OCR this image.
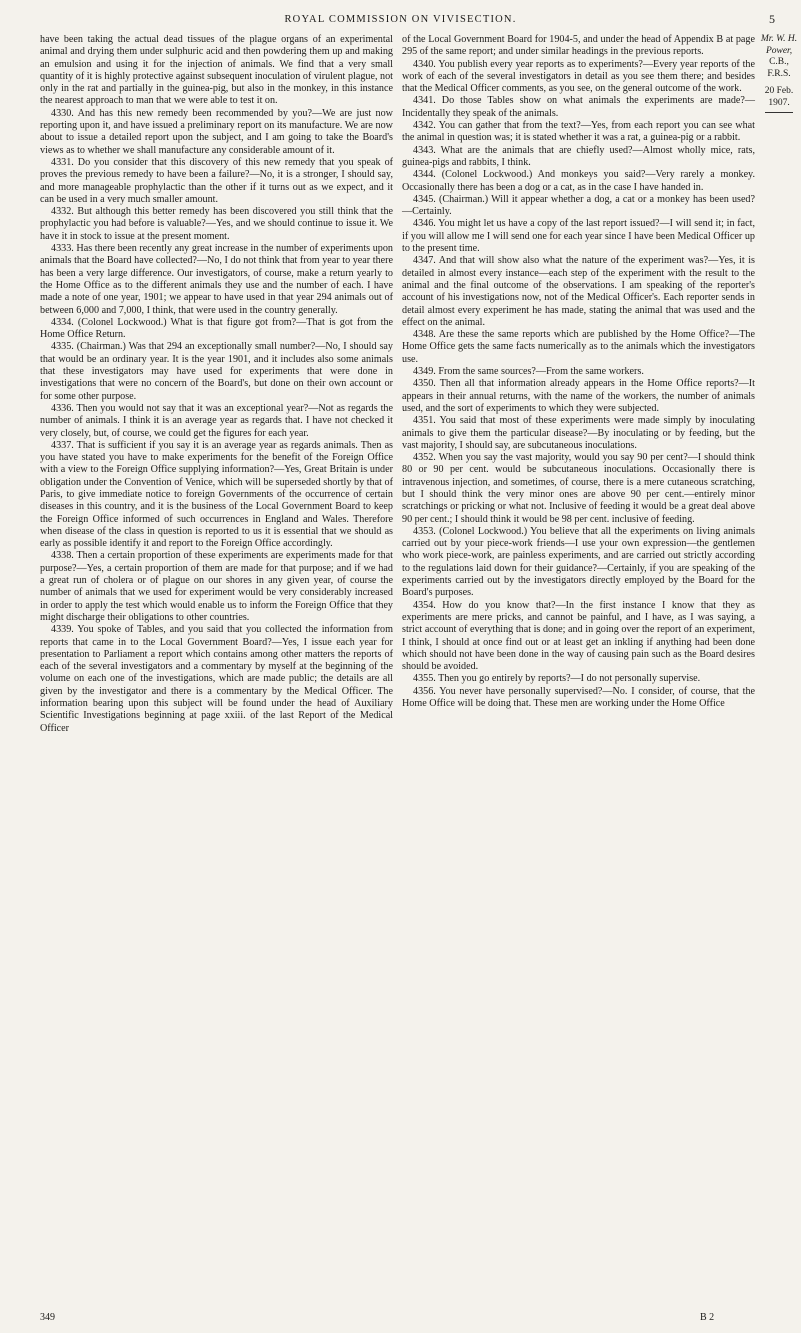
ROYAL COMMISSION ON VIVISECTION.	5

have been taking the actual dead tissues of the plague organs of an experimental animal and drying them under sulphuric acid and then powdering them up and making an emulsion and using it for the injection of animals. We find that a very small quantity of it is highly protective against subsequent inoculation of virulent plague, not only in the rat and partially in the guinea-pig, but also in the monkey, in this instance the nearest approach to man that we were able to test it on.

4330. And has this new remedy been recommended by you?—We are just now reporting upon it, and have issued a preliminary report on its manufacture. We are now about to issue a detailed report upon the subject, and I am going to take the Board's views as to whether we shall manufacture any considerable amount of it.

4331. Do you consider that this discovery of this new remedy that you speak of proves the previous remedy to have been a failure?—No, it is a stronger, I should say, and more manageable prophylactic than the other if it turns out as we expect, and it can be used in a very much smaller amount.

4332. But although this better remedy has been discovered you still think that the prophylactic you had before is valuable?—Yes, and we should continue to issue it. We have it in stock to issue at the present moment.

4333. Has there been recently any great increase in the number of experiments upon animals that the Board have collected?—No, I do not think that from year to year there has been a very large difference. Our investigators, of course, make a return yearly to the Home Office as to the different animals they use and the number of each. I have made a note of one year, 1901; we appear to have used in that year 294 animals out of between 6,000 and 7,000, I think, that were used in the country generally.

4334. (Colonel Lockwood.) What is that figure got from?—That is got from the Home Office Return.

4335. (Chairman.) Was that 294 an exceptionally small number?—No, I should say that would be an ordinary year. It is the year 1901, and it includes also some animals that these investigators may have used for experiments that were done in investigations that were no concern of the Board's, but done on their own account or for some other purpose.

4336. Then you would not say that it was an exceptional year?—Not as regards the number of animals. I think it is an average year as regards that. I have not checked it very closely, but, of course, we could get the figures for each year.

4337. That is sufficient if you say it is an average year as regards animals. Then as you have stated you have to make experiments for the benefit of the Foreign Office with a view to the Foreign Office supplying information?—Yes, Great Britain is under obligation under the Convention of Venice, which will be superseded shortly by that of Paris, to give immediate notice to foreign Governments of the occurrence of certain diseases in this country, and it is the business of the Local Government Board to keep the Foreign Office informed of such occurrences in England and Wales. Therefore when disease of the class in question is reported to us it is essential that we should as early as possible identify it and report to the Foreign Office accordingly.

4338. Then a certain proportion of these experiments are experiments made for that purpose?—Yes, a certain proportion of them are made for that purpose; and if we had a great run of cholera or of plague on our shores in any given year, of course the number of animals that we used for experiment would be very considerably increased in order to apply the test which would enable us to inform the Foreign Office that they might discharge their obligations to other countries.

4339. You spoke of Tables, and you said that you collected the information from reports that came in to the Local Government Board?—Yes, I issue each year for presentation to Parliament a report which contains among other matters the reports of each of the several investigators and a commentary by myself at the beginning of the volume on each one of the investigations, which are made public; the details are all given by the investigator and there is a commentary by the Medical Officer. The information bearing upon this subject will be found under the head of Auxiliary Scientific Investigations beginning at page xxiii. of the last Report of the Medical Officer

of the Local Government Board for 1904-5, and under the head of Appendix B at page 295 of the same report; and under similar headings in the previous reports.

4340. You publish every year reports as to experiments?—Every year reports of the work of each of the several investigators in detail as you see them there; and besides that the Medical Officer comments, as you see, on the general outcome of the work.

4341. Do those Tables show on what animals the experiments are made?—Incidentally they speak of the animals.

4342. You can gather that from the text?—Yes, from each report you can see what the animal in question was; it is stated whether it was a rat, a guinea-pig or a rabbit.

4343. What are the animals that are chiefly used?—Almost wholly mice, rats, guinea-pigs and rabbits, I think.

4344. (Colonel Lockwood.) And monkeys you said?—Very rarely a monkey. Occasionally there has been a dog or a cat, as in the case I have handed in.

4345. (Chairman.) Will it appear whether a dog, a cat or a monkey has been used?—Certainly.

4346. You might let us have a copy of the last report issued?—I will send it; in fact, if you will allow me I will send one for each year since I have been Medical Officer up to the present time.

4347. And that will show also what the nature of the experiment was?—Yes, it is detailed in almost every instance—each step of the experiment with the result to the animal and the final outcome of the observations. I am speaking of the reporter's account of his investigations now, not of the Medical Officer's. Each reporter sends in detail almost every experiment he has made, stating the animal that was used and the effect on the animal.

4348. Are these the same reports which are published by the Home Office?—The Home Office gets the same facts numerically as to the animals which the investigators use.

4349. From the same sources?—From the same workers.

4350. Then all that information already appears in the Home Office reports?—It appears in their annual returns, with the name of the workers, the number of animals used, and the sort of experiments to which they were subjected.

4351. You said that most of these experiments were made simply by inoculating animals to give them the particular disease?—By inoculating or by feeding, but the vast majority, I should say, are subcutaneous inoculations.

4352. When you say the vast majority, would you say 90 per cent?—I should think 80 or 90 per cent. would be subcutaneous inoculations. Occasionally there is intravenous injection, and sometimes, of course, there is a mere cutaneous scratching, but I should think the very minor ones are above 90 per cent.—entirely minor scratchings or pricking or what not. Inclusive of feeding it would be a great deal above 90 per cent.; I should think it would be 98 per cent. inclusive of feeding.

4353. (Colonel Lockwood.) You believe that all the experiments on living animals carried out by your piece-work friends—I use your own expression—the gentlemen who work piece-work, are painless experiments, and are carried out strictly according to the regulations laid down for their guidance?—Certainly, if you are speaking of the experiments carried out by the investigators directly employed by the Board for the Board's purposes.

4354. How do you know that?—In the first instance I know that they as experiments are mere pricks, and cannot be painful, and I have, as I was saying, a strict account of everything that is done; and in going over the report of an experiment, I think, I should at once find out or at least get an inkling if anything had been done which should not have been done in the way of causing pain such as the Board desires should be avoided.

4355. Then you go entirely by reports?—I do not personally supervise.

4356. You never have personally supervised?—No. I consider, of course, that the Home Office will be doing that. These men are working under the Home Office

Mr. W. H. Power,
C.B., F.R.S.
20 Feb. 1907.
349	B 2
